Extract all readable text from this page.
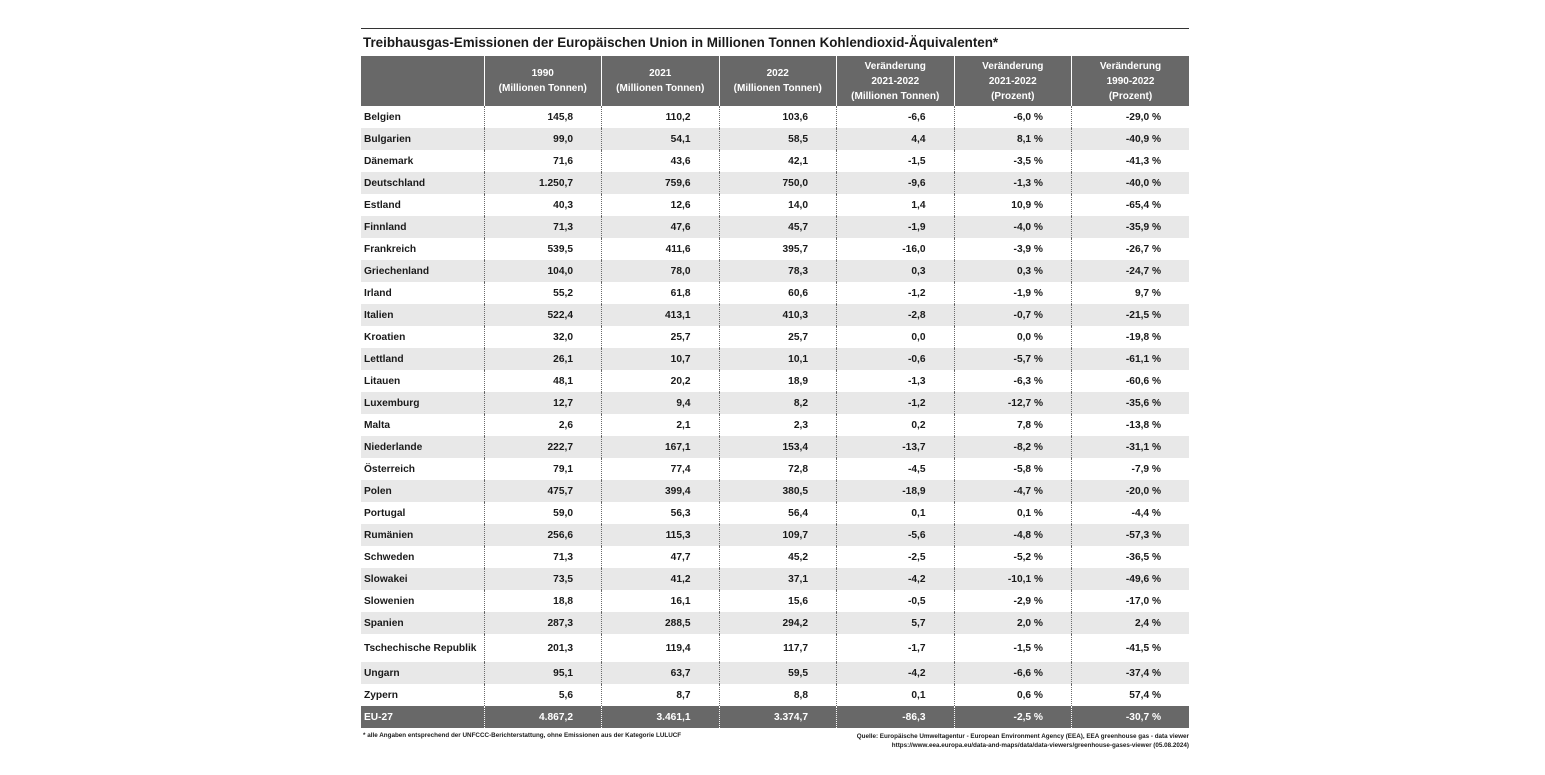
Treibhausgas-Emissionen der Europäischen Union in Millionen Tonnen Kohlendioxid-Äquivalenten*

	1990
(Millionen Tonnen)	2021
(Millionen Tonnen)	2022
(Millionen Tonnen)	Veränderung
2021-2022
(Millionen Tonnen)	Veränderung
2021-2022
(Prozent)	Veränderung
1990-2022
(Prozent)

Belgien	145,8	110,2	103,6	-6,6	-6,0 %	-29,0 %
Bulgarien	99,0	54,1	58,5	4,4	8,1 %	-40,9 %
Dänemark	71,6	43,6	42,1	-1,5	-3,5 %	-41,3 %
Deutschland	1.250,7	759,6	750,0	-9,6	-1,3 %	-40,0 %
Estland	40,3	12,6	14,0	1,4	10,9 %	-65,4 %
Finnland	71,3	47,6	45,7	-1,9	-4,0 %	-35,9 %
Frankreich	539,5	411,6	395,7	-16,0	-3,9 %	-26,7 %
Griechenland	104,0	78,0	78,3	0,3	0,3 %	-24,7 %
Irland	55,2	61,8	60,6	-1,2	-1,9 %	9,7 %
Italien	522,4	413,1	410,3	-2,8	-0,7 %	-21,5 %
Kroatien	32,0	25,7	25,7	0,0	0,0 %	-19,8 %
Lettland	26,1	10,7	10,1	-0,6	-5,7 %	-61,1 %
Litauen	48,1	20,2	18,9	-1,3	-6,3 %	-60,6 %
Luxemburg	12,7	9,4	8,2	-1,2	-12,7 %	-35,6 %
Malta	2,6	2,1	2,3	0,2	7,8 %	-13,8 %
Niederlande	222,7	167,1	153,4	-13,7	-8,2 %	-31,1 %
Österreich	79,1	77,4	72,8	-4,5	-5,8 %	-7,9 %
Polen	475,7	399,4	380,5	-18,9	-4,7 %	-20,0 %
Portugal	59,0	56,3	56,4	0,1	0,1 %	-4,4 %
Rumänien	256,6	115,3	109,7	-5,6	-4,8 %	-57,3 %
Schweden	71,3	47,7	45,2	-2,5	-5,2 %	-36,5 %
Slowakei	73,5	41,2	37,1	-4,2	-10,1 %	-49,6 %
Slowenien	18,8	16,1	15,6	-0,5	-2,9 %	-17,0 %
Spanien	287,3	288,5	294,2	5,7	2,0 %	2,4 %
Tschechische Republik	201,3	119,4	117,7	-1,7	-1,5 %	-41,5 %
Ungarn	95,1	63,7	59,5	-4,2	-6,6 %	-37,4 %
Zypern	5,6	8,7	8,8	0,1	0,6 %	57,4 %
EU-27	4.867,2	3.461,1	3.374,7	-86,3	-2,5 %	-30,7 %
* alle Angaben entsprechend der UNFCCC-Berichterstattung, ohne Emissionen aus der Kategorie LULUCF	Quelle: Europäische Umweltagentur - European Environment Agency (EEA), EEA greenhouse gas - data viewer
https://www.eea.europa.eu/data-and-maps/data/data-viewers/greenhouse-gases-viewer (05.08.2024)
